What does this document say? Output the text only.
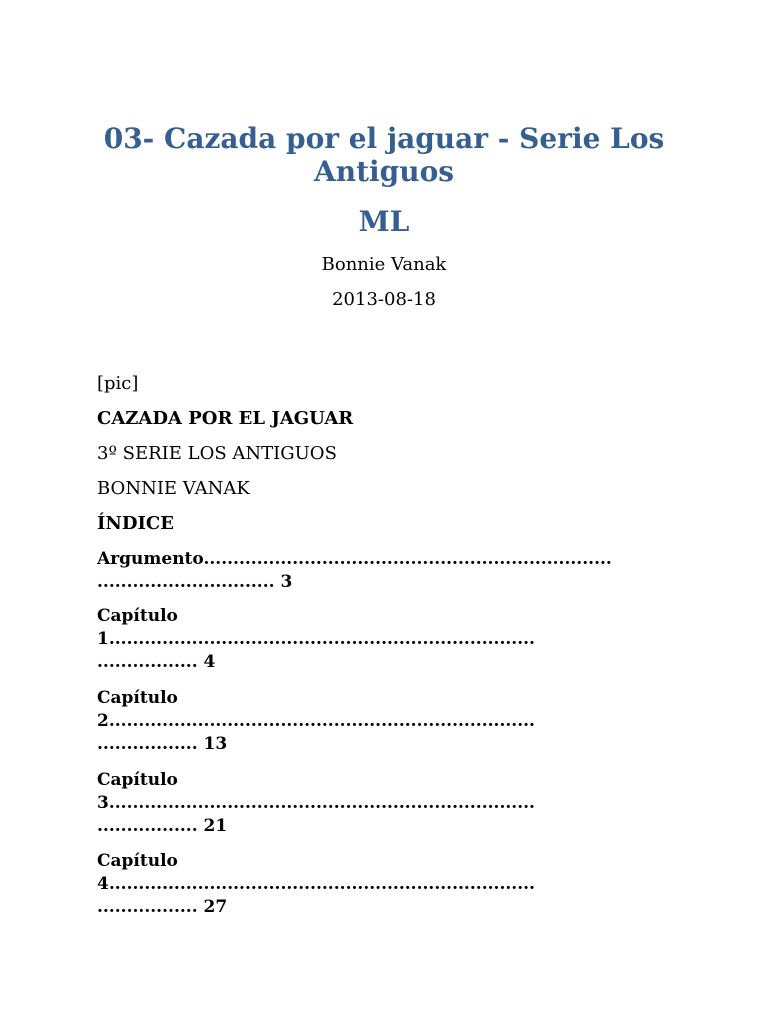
03- Cazada por el jaguar - Serie Los Antiguos
ML

Bonnie Vanak

2013-08-18

[pic]

CAZADA POR EL JAGUAR

3º SERIE LOS ANTIGUOS

BONNIE VANAK

ÍNDICE

Argumento.....................................................................
.............................. 3
Capítulo
1........................................................................
................. 4
Capítulo
2........................................................................
................. 13
Capítulo
3........................................................................
................. 21
Capítulo
4........................................................................
................. 27
